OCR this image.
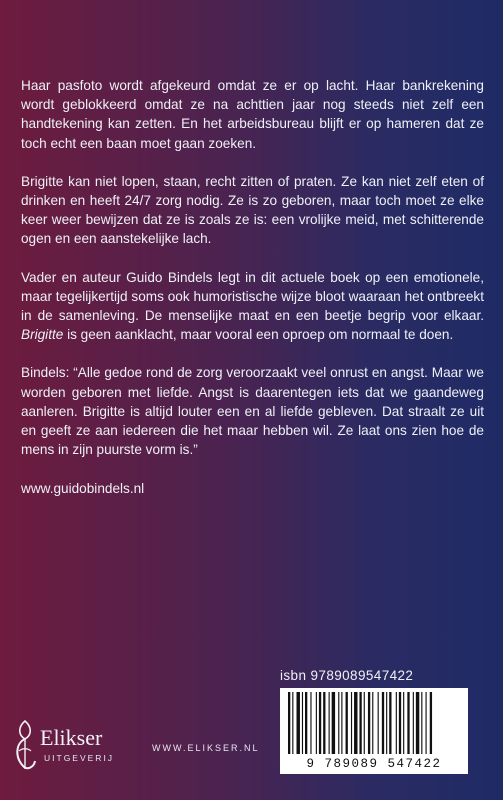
Haar pasfoto wordt afgekeurd omdat ze er op lacht. Haar bankrekening wordt geblokkeerd omdat ze na achttien jaar nog steeds niet zelf een handtekening kan zetten. En het arbeidsbureau blijft er op hameren dat ze toch echt een baan moet gaan zoeken.

Brigitte kan niet lopen, staan, recht zitten of praten. Ze kan niet zelf eten of drinken en heeft 24/7 zorg nodig. Ze is zo geboren, maar toch moet ze elke keer weer bewijzen dat ze is zoals ze is: een vrolijke meid, met schitterende ogen en een aanstekelijke lach.

Vader en auteur Guido Bindels legt in dit actuele boek op een emotionele, maar tegelijkertijd soms ook humoristische wijze bloot waaraan het ontbreekt in de samenleving. De menselijke maat en een beetje begrip voor elkaar. Brigitte is geen aanklacht, maar vooral een oproep om normaal te doen.

Bindels: “Alle gedoe rond de zorg veroorzaakt veel onrust en angst. Maar we worden geboren met liefde. Angst is daarentegen iets dat we gaandeweg aanleren. Brigitte is altijd louter een en al liefde gebleven. Dat straalt ze uit en geeft ze aan iedereen die het maar hebben wil. Ze laat ons zien hoe de mens in zijn puurste vorm is.”

www.guidobindels.nl
isbn 9789089547422
9 789089 547422
Elikser
UITGEVERIJ
WWW.ELIKSER.NL
